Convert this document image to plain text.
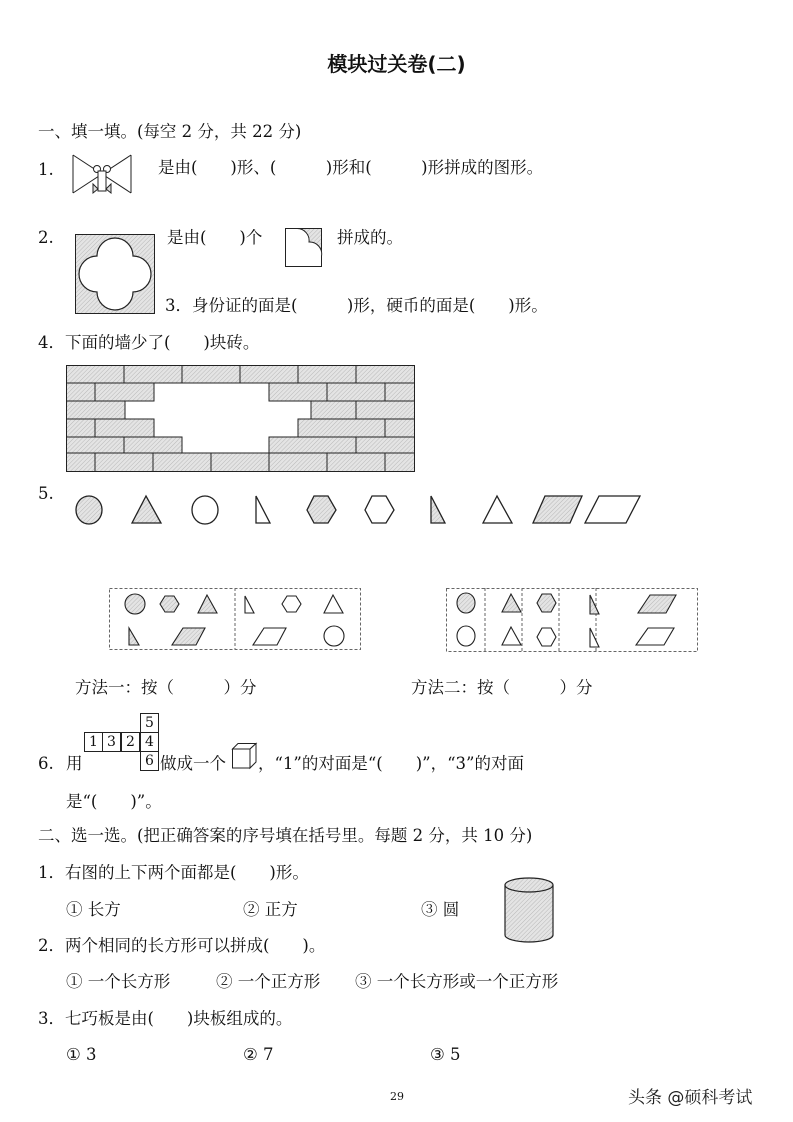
模块过关卷(二)
一、填一填。(每空 2 分，共 22 分)
1.	是由(　　)形、(　　　)形和(　　　)形拼成的图形。
2.	是由(　　)个	拼成的。
3．身份证的面是(　　　)形，硬币的面是(　　)形。
4．下面的墙少了(　　)块砖。
5.
方法一：按（　　　）分	方法二：按（　　　）分
6. 用
5
1 3 2 4
6 做成一个 ，“1”的对面是“(　　)”，“3”的对面
是“(　　)”。
二、选一选。(把正确答案的序号填在括号里。每题 2 分，共 10 分)
1．右图的上下两个面都是(　　)形。
① 长方	② 正方	③ 圆
2．两个相同的长方形可以拼成(　　)。
① 一个长方形	② 一个正方形 ③ 一个长方形或一个正方形
3．七巧板是由(　　)块板组成的。
① 3	② 7	③ 5
29	头条 @硕科考试
